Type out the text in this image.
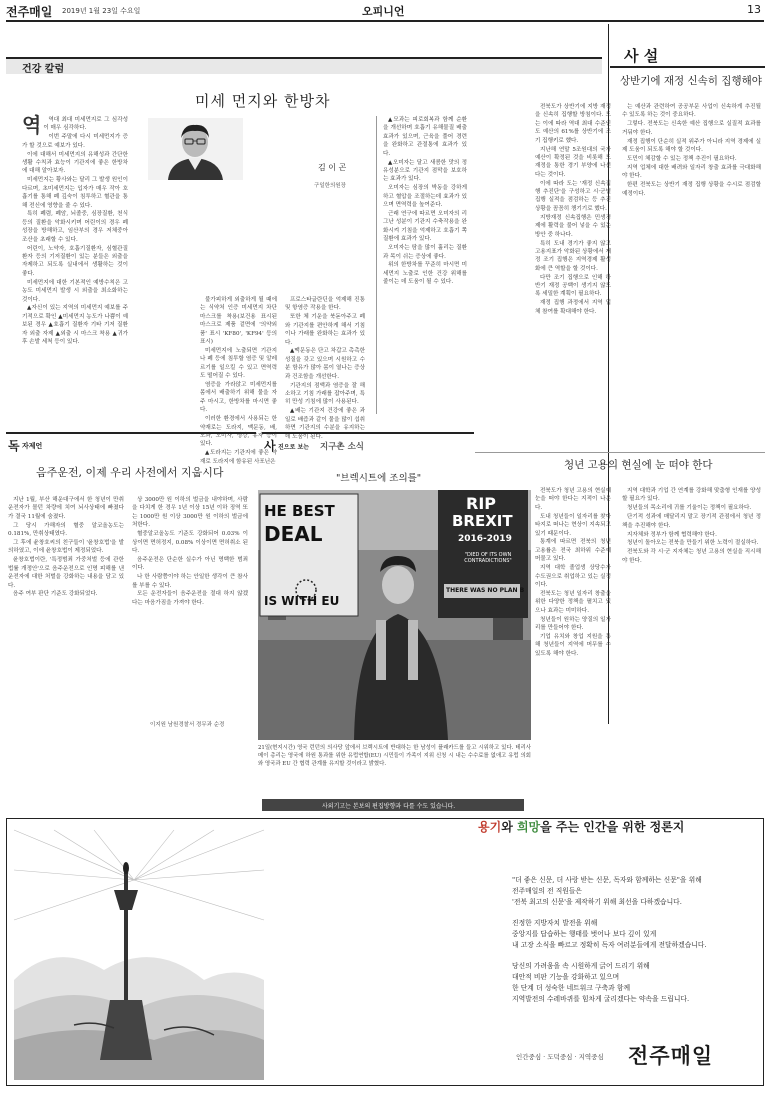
전주매일 2019년 1월 23일 수요일	오피니언	13
건강 칼럼
미세 먼지와 한방차
역	역대 최대 미세먼지로 그 심각성이 매우 심각하다.

이번 주말에 다시 미세먼지가 증가 할 것으로 예보가 있다.

이에 대해서 미세먼지의 유해성과 간단한 생활 수칙과 효능이 기관지에 좋은 한방차에 대해 알아보자.

미세먼지는 황사와는 달리 그 발생 원인이 다르며, 초미세먼지는 입자가 매우 작아 호흡기를 통해 폐 깊숙이 침투하고 혈관을 통해 전신에 영향을 줄 수 있다.

특히 폐렴, 폐암, 뇌졸중, 심장질환, 천식 등의 질환을 악화시키며 어린이의 경우 폐성장을 방해하고, 임산부의 경우 저체중아 조산을 초래할 수 있다.

어린이, 노약자, 호흡기질환자, 심혈관질환자 등의 기저질환이 있는 분들은 외출을 자제하고 되도록 실내에서 생활하는 것이 좋다.

미세먼지에 대한 기본적인 예방수칙은 고농도 미세먼지 발생 시 외출을 최소화하는 것이다.

▲자신이 있는 지역의 미세먼지 예보를 주기적으로 확인 ▲미세먼지 농도가 나쁨이 예보된 경우 ▲호흡기 질환자 기타 기저 질환자 외출 자제 ▲외출 시 마스크 착용 ▲귀가 후 손발 세척 등이 있다.

김 이 곤
구일한의원장

불가피하게 외출하게 될 때에는 식약처 인증 미세먼지 차단 마스크를 착용(보건용 표시된 마스크로 제품 겉면에 '의약외품' 표시 'KF80', 'KF94' 등의 표시)

미세먼지에 노출되면 기관지나 폐 등에 침투할 염증 및 알레르기를 일으킬 수 있고 면역력도 떨어질 수 있다.

염증을 가라앉고 미세먼지를 몸에서 배출하기 위해 물을 자주 마시고, 한방차를 마시면 좋다.

이러한 환경에서 사용되는 한약재로는 도라지, 맥문동, 배, 모과, 오미자, 생강, 유자 등이 있다.

▲도라지는 기관지에 좋은 약재로 도라지에 함유된 사포닌은

프로스타글란딘을 억제해 진통 및 항염증 작용을 한다.

또한 체 기운을 북돋아주고 폐와 기관지를 편안하게 해서 기침이나 가래를 완화하는 효과가 있다.

▲맥문동은 단고 차갑고 촉촉한 성질을 갖고 있으며 시원하고 수분 함유가 많아 몸이 열나는 증상과 건조함을 개선한다.

기관지의 점액과 염증을 잘 해소하고 기침 가래를 잡아주며, 특히 만성 기침에 많이 사용된다.

▲배는 기관지 건강에 좋은 과일로 배즙과 같이 물을 많이 섭취하면 기관지의 수분을 유지하는 데 도움이 된다.

▲모과는 피로회복과 함께 순환을 개선하며 호흡기 유해물질 배출 효과가 있으며, 근육을 풀어 경련을 완화하고 관절통에 효과가 있다.

▲오미자는 달고 새콤한 맛의 정유성분으로 기관지 점막을 보호하는 효과가 있다.

오미자는 심장의 박동을 강하게 하고 혈압을 조절하는데 효과가 있으며 면역력을 높여준다.

근래 연구에 따르면 오미자의 리그난 성분이 기관지 수축작용을 완화시켜 기침을 억제하고 호흡기 쪽 질환에 효과가 있다.

오미자는 땀을 많이 흘리는 질환과 목이 쉬는 증상에 좋다.

위의 한방차를 꾸준히 마시면 미세먼지 노출로 인한 건강 위해를 줄이는 데 도움이 될 수 있다.

사 설
상반기에 재정 신속히 집행해야

전북도가 상반기에 지방 재정을 신속히 집행할 방침이다. 도는 이에 따라 역대 최대 수준인 도 예산의 61%를 상반기에 조기 집행키로 했다.

지난해 연말 5조원대의 국가예산이 확정된 것을 비롯해 도 재정을 통한 경기 부양에 나선다는 것이다.

이에 따라 도는 '재정 신속집행 추진단'을 구성하고 시·군별 집행 실적을 점검하는 등 추진 상황을 꼼꼼히 챙기기로 했다.

지방재정 신속집행은 민생경제에 활력을 불어 넣을 수 있는 방안 중 하나다.

특히 도내 경기가 좋지 않고 고용지표가 악화된 상황에서 재정 조기 집행은 지역경제 활성화에 큰 역할을 할 것이다.

다만 조기 집행으로 인해 하반기 재정 공백이 생기지 않도록 세밀한 계획이 필요하다.

재정 집행 과정에서 지역 업체 참여를 확대해야 한다.

는 예산과 관련하여 공공부문 사업이 신속하게 추진될 수 있도록 하는 것이 중요하다.

그렇다. 전북도는 신속한 예산 집행으로 실질적 효과를 거둬야 한다.

재정 집행이 단순히 실적 위주가 아니라 지역 경제에 실제 도움이 되도록 해야 할 것이다.

도민이 체감할 수 있는 정책 추진이 필요하다.

지역 업체에 대한 배려와 일자리 창출 효과를 극대화해야 한다.

한편 전북도는 상반기 재정 집행 상황을 수시로 점검할 예정이다.

청년 고용의 현실에 눈 떠야 한다

전북도가 청년 고용의 현실에 눈을 떠야 한다는 지적이 나온다.

도내 청년들이 일자리를 찾아 타지로 떠나는 현상이 지속되고 있기 때문이다.

통계에 따르면 전북의 청년 고용률은 전국 최하위 수준에 머물고 있다.

지역 대학 졸업생 상당수가 수도권으로 취업하고 있는 실정이다.

전북도는 청년 일자리 창출을 위한 다양한 정책을 펼치고 있으나 효과는 미미하다.

청년들이 원하는 양질의 일자리를 만들어야 한다.

기업 유치와 창업 지원을 통해 청년들이 지역에 머무를 수 있도록 해야 한다.

지역 대학과 기업 간 연계를 강화해 맞춤형 인재를 양성할 필요가 있다.

청년들의 목소리에 귀를 기울이는 정책이 필요하다.

단기적 성과에 매달리지 말고 장기적 관점에서 청년 정책을 추진해야 한다.

지자체와 정부가 함께 협력해야 한다.

청년이 돌아오는 전북을 만들기 위한 노력이 절실하다.

전북도와 각 시·군 지자체는 청년 고용의 현실을 직시해야 한다.

독 자제언
음주운전, 이제 우리 사전에서 지웁시다

지난 1월, 부산 해운대구에서 한 청년이 만취운전자가 몰던 차량에 치여 뇌사상태에 빠졌다가 결국 11월에 숨졌다.

그 당시 가해자의 혈중 알코올농도는 0.181%, 만취상태였다.

그 후에 윤창호씨의 친구들이 '윤창호법'을 발의하였고, 이에 윤창호법이 제정되었다.

윤창호법이란, '특정범죄 가중처벌 등에 관한 법률 개정안'으로 음주운전으로 인명 피해를 낸 운전자에 대한 처벌을 강화하는 내용을 담고 있다.

음주 여부 판단 기준도 강화되었다.

상 3000만 원 이하의 벌금을 내야하며, 사람을 다치게 한 경우 1년 이상 15년 이하 징역 또는 1000만 원 이상 3000만 원 이하의 벌금에 처한다.

혈중알코올농도 기준도 강화되어 0.03% 이상이면 면허정지, 0.08% 이상이면 면허취소 된다.

음주운전은 단순한 실수가 아닌 명백한 범죄이다.

나 한 사람쯤이야 하는 안일한 생각이 큰 참사를 부를 수 있다.

모든 운전자들이 음주운전을 절대 하지 않겠다는 마음가짐을 가져야 한다.

이지원 남원경찰서 경무과 순경
사 진으로 보는 지구촌 소식
"브렉시트에 조의를"
HE BEST
DEAL
IS WITH EU
RIP
BREXIT
2016-2019
"DIED OF ITS OWN CONTRADICTIONS"
THERE WAS NO PLAN B
21일(현지시간) 영국 런던의 의사당 앞에서 브렉시트에 반대하는 한 남성이 플래카드를 들고 시위하고 있다. 테리사 메이 총리는 영국에 하원 통과를 위한 유럽연합(EU) 시민들이 가족이 지위 신청 시 내는 수수료를 없애고 유럽 의회와 영국과 EU 간 협력 관계를 유지할 것이라고 밝혔다.
사외기고는 본보의 편집방향과 다를 수도 있습니다.
용기와 희망을 주는 인간을 위한 정론지
"더 좋은 신문, 더 사랑 받는 신문, 독자와 함께하는 신문"을 위해
전주매일의 전 직원들은
'전북 최고의 신문'을 제작하기 위해 최선을 다하겠습니다.
진정한 지방자치 발전을 위해
중앙지를 답습하는 행태를 벗어나 보다 깊이 있게
내 고장 소식을 빠르고 정확히 독자 여러분들에게 전달하겠습니다.
당신의 가려움을 속 시원하게 긁어 드리기 위해
대안적 비판 기능을 강화하고 있으며
한 단계 더 성숙한 네트워크 구축과 함께
지역발전의 수레바퀴를 힘차게 굴리겠다는 약속을 드립니다.
인간중심 · 도덕중심 · 지역중심 전주매일
